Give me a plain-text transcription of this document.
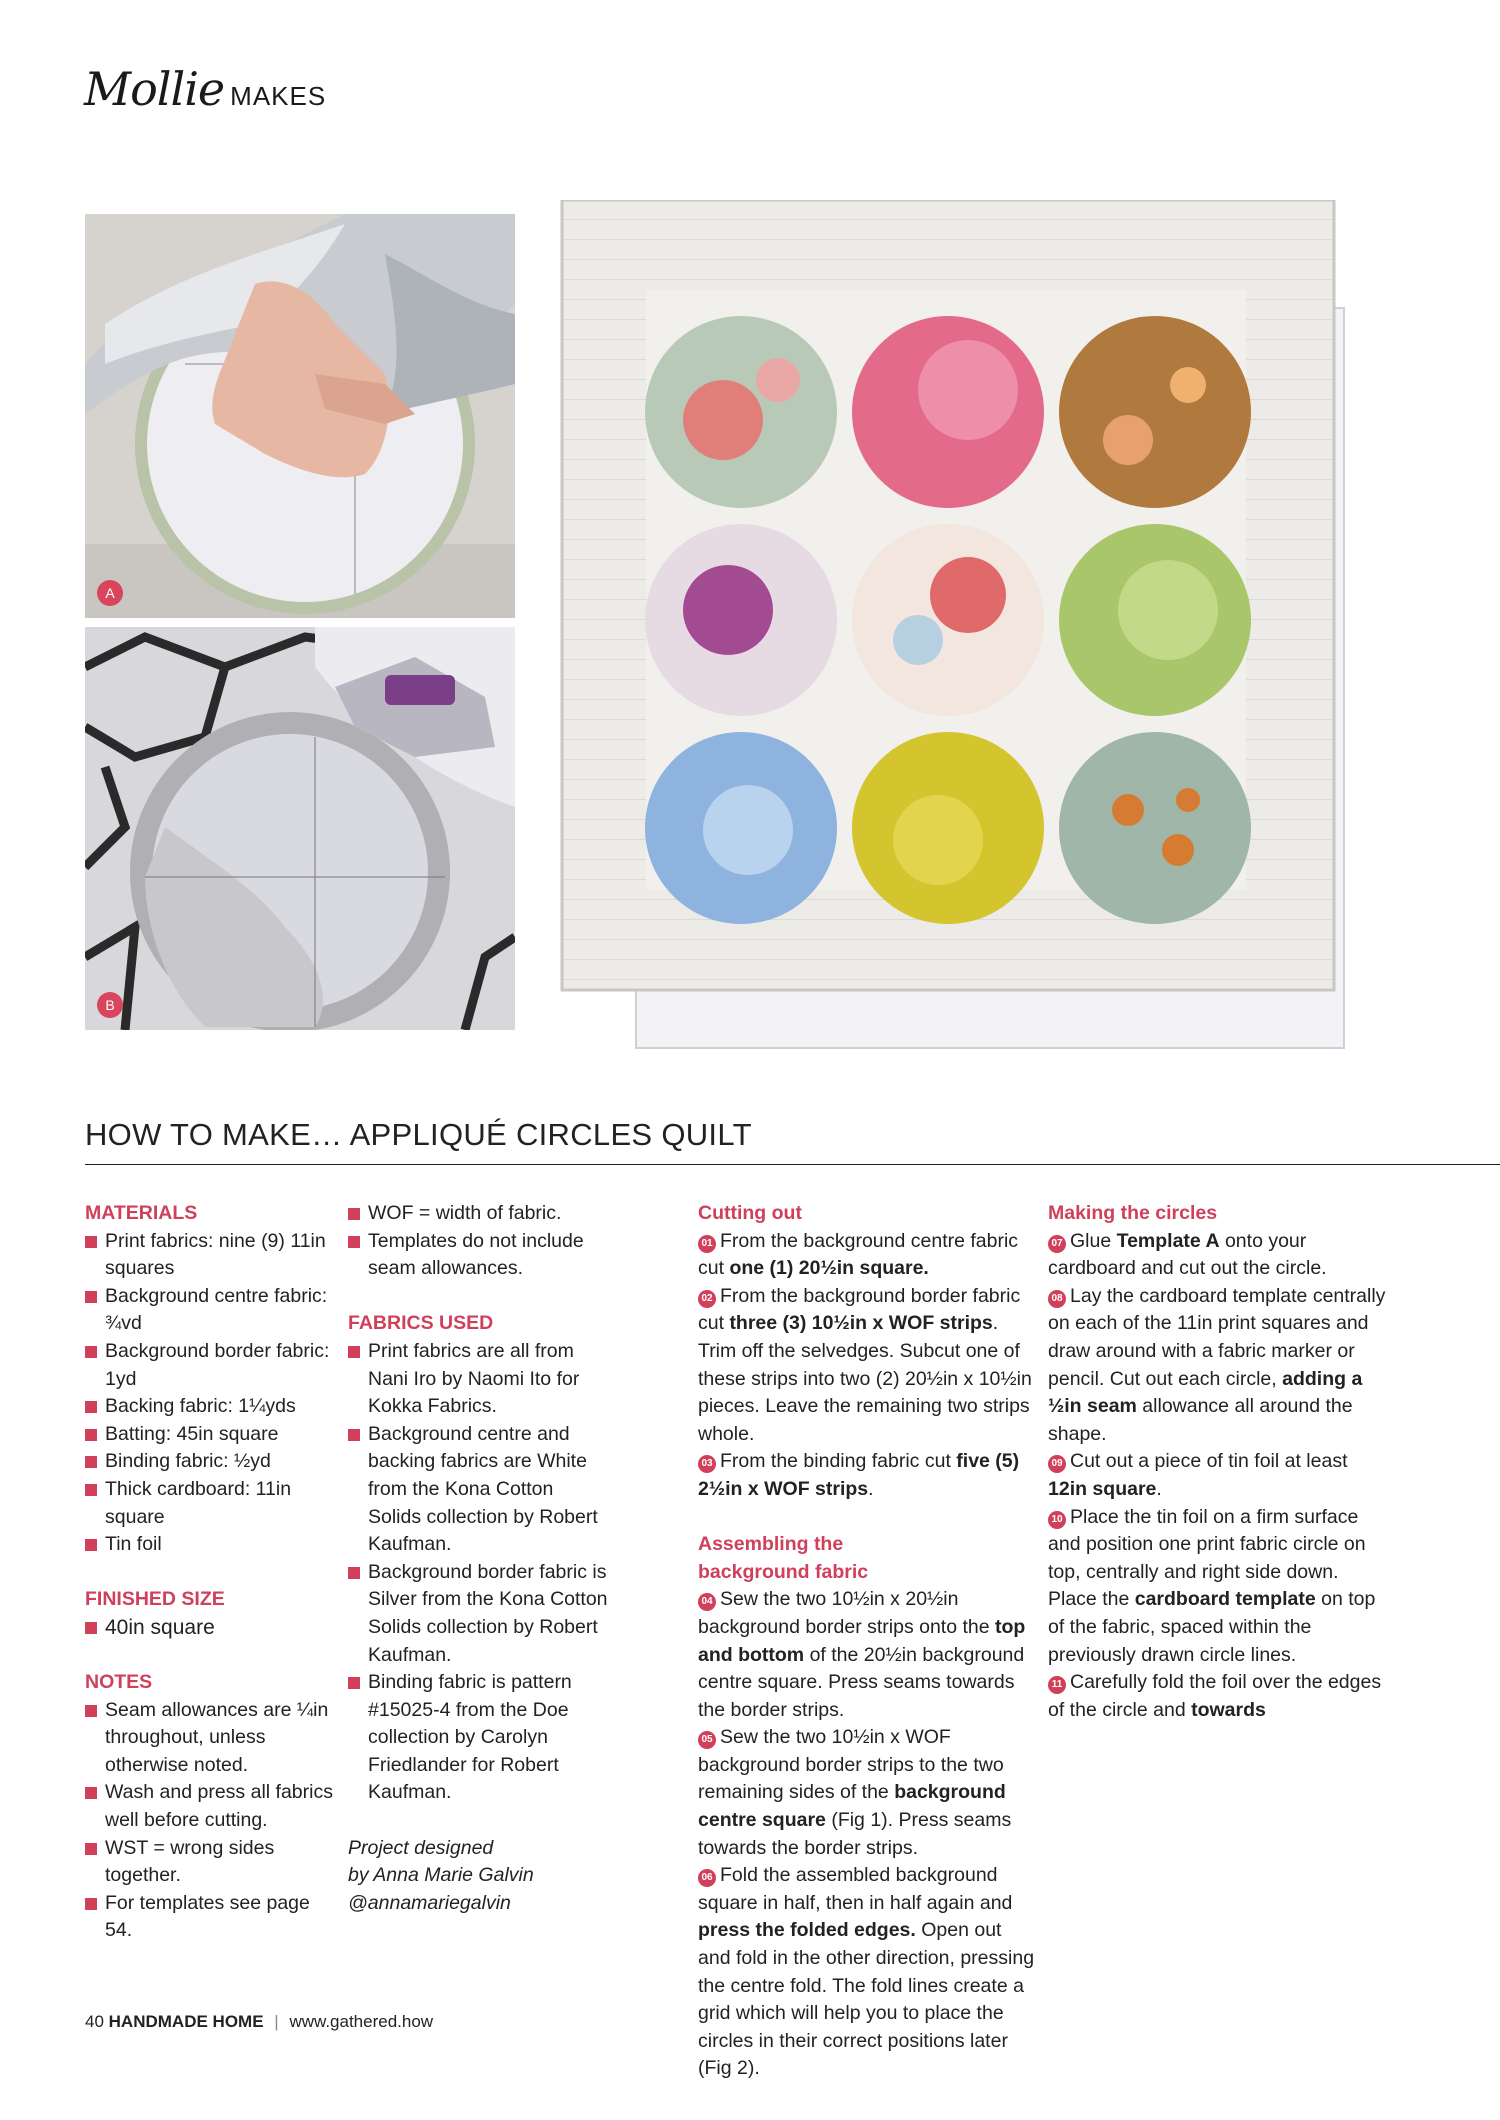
Mollie MAKES
A
B
HOW TO MAKE… APPLIQUÉ CIRCLES QUILT
MATERIALS
Print fabrics: nine (9) 11in squares
Background centre fabric: ¾vd
Background border fabric: 1yd
Backing fabric: 1¼yds
Batting: 45in square
Binding fabric: ½yd
Thick cardboard: 11in square
Tin foil
FINISHED SIZE
40in square
NOTES
Seam allowances are ¼in throughout, unless otherwise noted.
Wash and press all fabrics well before cutting.
WST = wrong sides together.
For templates see page 54.
WOF = width of fabric.
Templates do not include seam allowances.
FABRICS USED
Print fabrics are all from Nani Iro by Naomi Ito for Kokka Fabrics.
Background centre and backing fabrics are White from the Kona Cotton Solids collection by Robert Kaufman.
Background border fabric is Silver from the Kona Cotton Solids collection by Robert Kaufman.
Binding fabric is pattern #15025-4 from the Doe collection by Carolyn Friedlander for Robert Kaufman.
Project designed
by Anna Marie Galvin
@annamariegalvin
Cutting out
01 From the background centre fabric cut one (1) 20½in square.
02 From the background border fabric cut three (3) 10½in x WOF strips. Trim off the selvedges. Subcut one of these strips into two (2) 20½in x 10½in pieces. Leave the remaining two strips whole.
03 From the binding fabric cut five (5) 2½in x WOF strips.
Assembling the background fabric
04 Sew the two 10½in x 20½in background border strips onto the top and bottom of the 20½in background centre square. Press seams towards the border strips.
05 Sew the two 10½in x WOF background border strips to the two remaining sides of the background centre square (Fig 1). Press seams towards the border strips.
06 Fold the assembled background square in half, then in half again and press the folded edges. Open out and fold in the other direction, pressing the centre fold. The fold lines create a grid which will help you to place the circles in their correct positions later (Fig 2).
Making the circles
07 Glue Template A onto your cardboard and cut out the circle.
08 Lay the cardboard template centrally on each of the 11in print squares and draw around with a fabric marker or pencil. Cut out each circle, adding a ½in seam allowance all around the shape.
09 Cut out a piece of tin foil at least 12in square.
10 Place the tin foil on a firm surface and position one print fabric circle on top, centrally and right side down. Place the cardboard template on top of the fabric, spaced within the previously drawn circle lines.
11 Carefully fold the foil over the edges of the circle and towards
40 HANDMADE HOME | www.gathered.how
